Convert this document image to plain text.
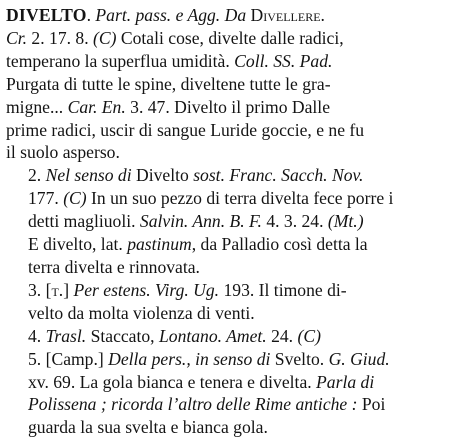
DIVELTO. Part. pass. e Agg. Da Divellere.
Cr. 2. 17. 8. (C) Cotali cose, divelte dalle radici,
temperano la superflua umidità. Coll. SS. Pad.
Purgata di tutte le spine, diveltene tutte le gra-
migne... Car. En. 3. 47. Divelto il primo Dalle
prime radici, uscir di sangue Luride goccie, e ne fu
il suolo asperso.

2. Nel senso di Divelto sost. Franc. Sacch. Nov.
177. (C) In un suo pezzo di terra divelta fece porre i
detti magliuoli. Salvin. Ann. B. F. 4. 3. 24. (Mt.)
E divelto, lat. pastinum, da Palladio così detta la
terra divelta e rinnovata.

3. [t.] Per estens. Virg. Ug. 193. Il timone di-
velto da molta violenza di venti.

4. Trasl. Staccato, Lontano. Amet. 24. (C)

5. [Camp.] Della pers., in senso di Svelto. G. Giud.
xv. 69. La gola bianca e tenera e divelta. Parla di
Polissena ; ricorda l’altro delle Rime antiche : Poi
guarda la sua svelta e bianca gola.
